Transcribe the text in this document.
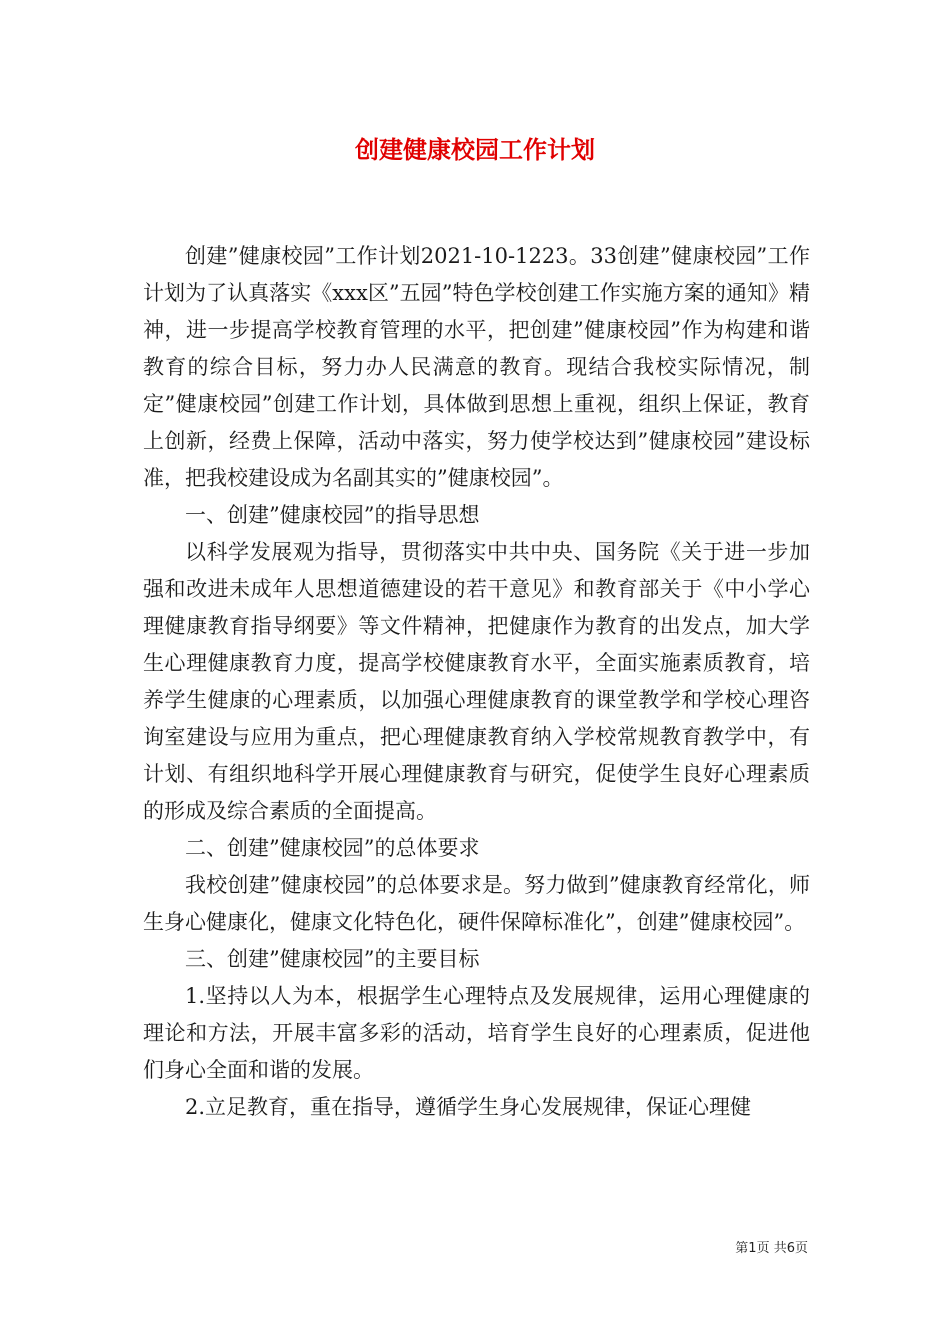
创建健康校园工作计划

创建”健康校园”工作计划2021-10-1223。33创建”健康校园”工作计划为了认真落实《xxx区”五园”特色学校创建工作实施方案的通知》精神，进一步提高学校教育管理的水平，把创建”健康校园”作为构建和谐教育的综合目标，努力办人民满意的教育。现结合我校实际情况，制定”健康校园”创建工作计划，具体做到思想上重视，组织上保证，教育上创新，经费上保障，活动中落实，努力使学校达到”健康校园”建设标准，把我校建设成为名副其实的”健康校园”。

一、创建”健康校园”的指导思想

以科学发展观为指导，贯彻落实中共中央、国务院《关于进一步加强和改进未成年人思想道德建设的若干意见》和教育部关于《中小学心理健康教育指导纲要》等文件精神，把健康作为教育的出发点，加大学生心理健康教育力度，提高学校健康教育水平，全面实施素质教育，培养学生健康的心理素质，以加强心理健康教育的课堂教学和学校心理咨询室建设与应用为重点，把心理健康教育纳入学校常规教育教学中，有计划、有组织地科学开展心理健康教育与研究，促使学生良好心理素质的形成及综合素质的全面提高。

二、创建”健康校园”的总体要求

我校创建”健康校园”的总体要求是。努力做到”健康教育经常化，师生身心健康化，健康文化特色化，硬件保障标准化”，创建”健康校园”。

三、创建”健康校园”的主要目标

1.坚持以人为本，根据学生心理特点及发展规律，运用心理健康的理论和方法，开展丰富多彩的活动，培育学生良好的心理素质，促进他们身心全面和谐的发展。

2.立足教育，重在指导，遵循学生身心发展规律，保证心理健

第1页 共6页
